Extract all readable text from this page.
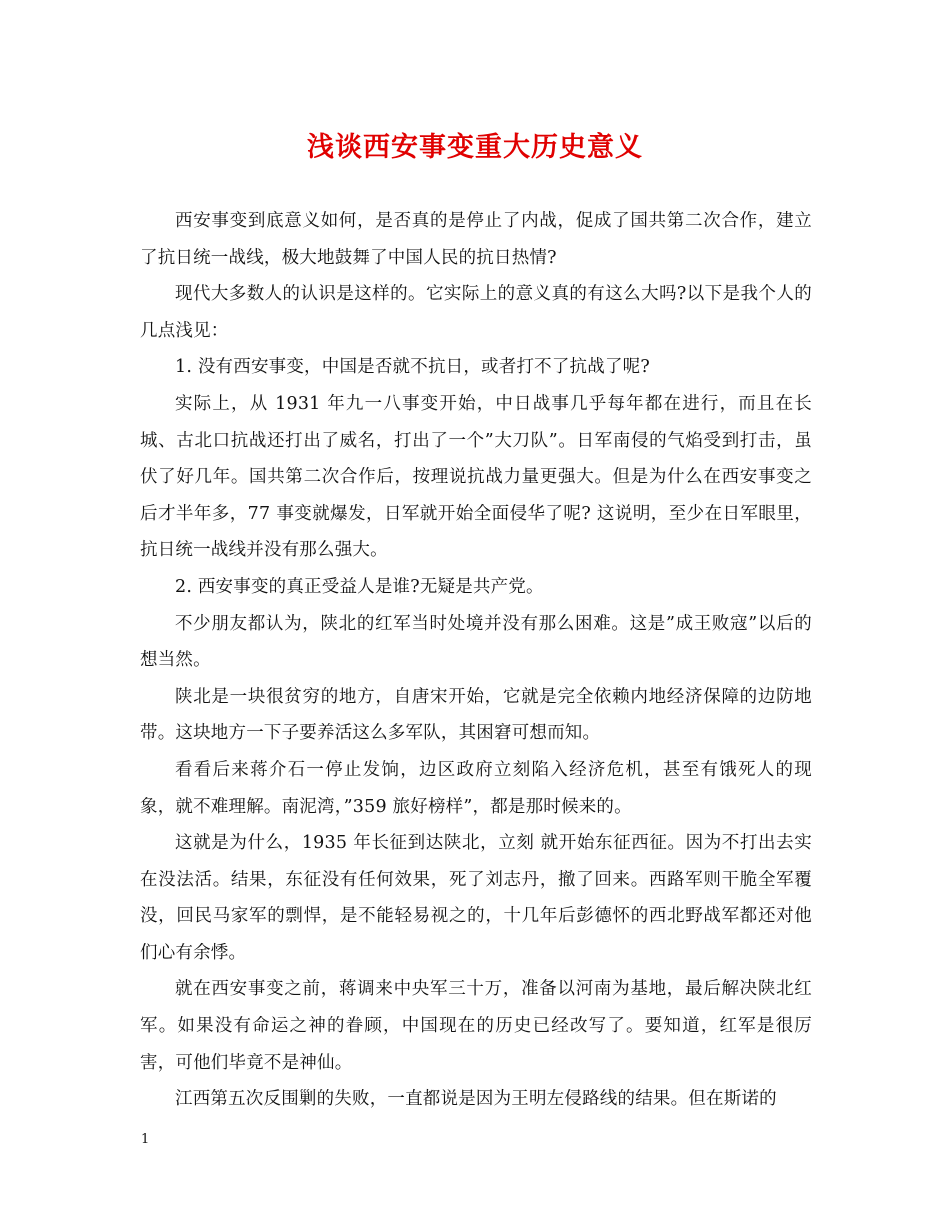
浅谈西安事变重大历史意义

西安事变到底意义如何，是否真的是停止了内战，促成了国共第二次合作，建立了抗日统一战线，极大地鼓舞了中国人民的抗日热情?

现代大多数人的认识是这样的。它实际上的意义真的有这么大吗?以下是我个人的几点浅见：

1. 没有西安事变，中国是否就不抗日，或者打不了抗战了呢?

实际上，从 1931 年九一八事变开始，中日战事几乎每年都在进行，而且在长城、古北口抗战还打出了威名，打出了一个”大刀队”。日军南侵的气焰受到打击，虽伏了好几年。国共第二次合作后，按理说抗战力量更强大。但是为什么在西安事变之后才半年多，77 事变就爆发，日军就开始全面侵华了呢? 这说明，至少在日军眼里，抗日统一战线并没有那么强大。

2. 西安事变的真正受益人是谁?无疑是共产党。

不少朋友都认为，陕北的红军当时处境并没有那么困难。这是”成王败寇”以后的想当然。

陕北是一块很贫穷的地方，自唐宋开始，它就是完全依赖内地经济保障的边防地带。这块地方一下子要养活这么多军队，其困窘可想而知。

看看后来蒋介石一停止发饷，边区政府立刻陷入经济危机，甚至有饿死人的现象，就不难理解。南泥湾，”359 旅好榜样”，都是那时候来的。

这就是为什么，1935 年长征到达陕北，立刻 就开始东征西征。因为不打出去实在没法活。结果，东征没有任何效果，死了刘志丹，撤了回来。西路军则干脆全军覆没，回民马家军的剽悍，是不能轻易视之的，十几年后彭德怀的西北野战军都还对他们心有余悸。

就在西安事变之前，蒋调来中央军三十万，准备以河南为基地，最后解决陕北红军。如果没有命运之神的眷顾，中国现在的历史已经改写了。要知道，红军是很厉害，可他们毕竟不是神仙。

江西第五次反围剿的失败，一直都说是因为王明左侵路线的结果。但在斯诺的

1
